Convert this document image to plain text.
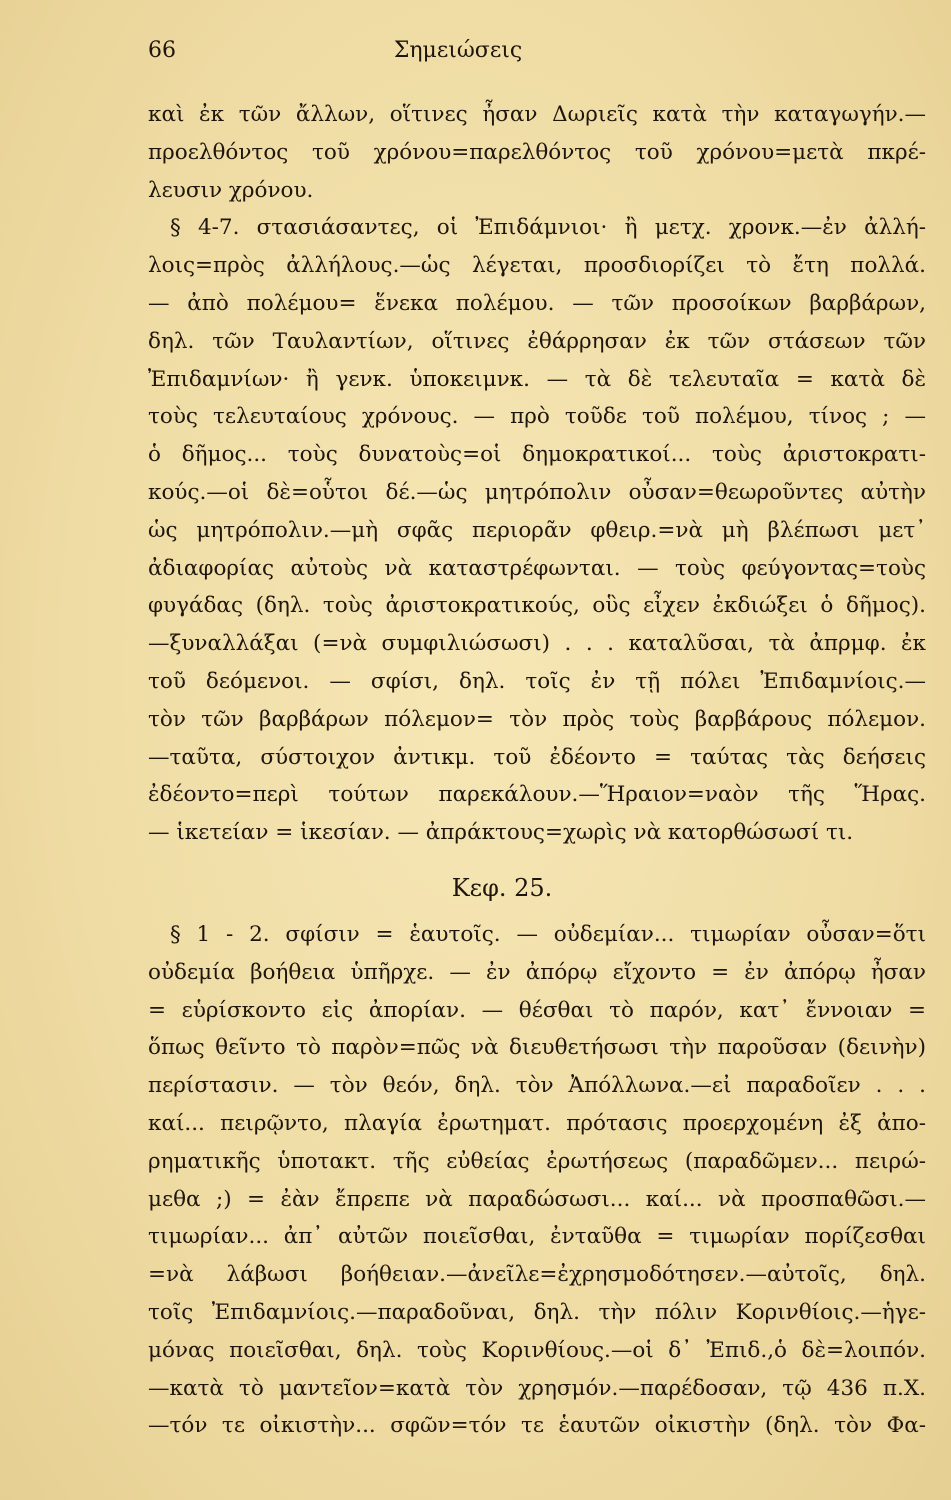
66	Σημειώσεις
καὶ ἐκ τῶν ἄλλων, οἵτινες ἦσαν Δωριεῖς κατὰ τὴν καταγωγήν.—
προελθόντος τοῦ χρόνου=παρελθόντος τοῦ χρόνου=μετὰ πκρέ-
λευσιν χρόνου.
§ 4-7. στασιάσαντες, οἱ Ἐπιδάμνιοι· ἢ μετχ. χρονκ.—ἐν ἀλλή-
λοις=πρὸς ἀλλήλους.—ὡς λέγεται, προσδιορίζει τὸ ἔτη πολλά.
— ἀπὸ πολέμου= ἕνεκα πολέμου. — τῶν προσοίκων βαρβάρων,
δηλ. τῶν Ταυλαντίων, οἵτινες ἐθάρρησαν ἐκ τῶν στάσεων τῶν
Ἐπιδαμνίων· ἢ γενκ. ὑποκειμνκ. — τὰ δὲ τελευταῖα = κατὰ δὲ
τοὺς τελευταίους χρόνους. — πρὸ τοῦδε τοῦ πολέμου, τίνος ; —
ὁ δῆμος... τοὺς δυνατοὺς=οἱ δημοκρατικοί... τοὺς ἀριστοκρατι-
κούς.—οἱ δὲ=οὗτοι δέ.—ὡς μητρόπολιν οὖσαν=θεωροῦντες αὐτὴν
ὡς μητρόπολιν.—μὴ σφᾶς περιορᾶν φθειρ.=νὰ μὴ βλέπωσι μετ᾽
ἀδιαφορίας αὐτοὺς νὰ καταστρέφωνται. — τοὺς φεύγοντας=τοὺς
φυγάδας (δηλ. τοὺς ἀριστοκρατικούς, οὓς εἶχεν ἐκδιώξει ὁ δῆμος).
—ξυναλλάξαι (=νὰ συμφιλιώσωσι) . . . καταλῦσαι, τὰ ἀπρμφ. ἐκ
τοῦ δεόμενοι. — σφίσι, δηλ. τοῖς ἐν τῇ πόλει Ἐπιδαμνίοις.—
τὸν τῶν βαρβάρων πόλεμον= τὸν πρὸς τοὺς βαρβάρους πόλεμον.
—ταῦτα, σύστοιχον ἀντικμ. τοῦ ἐδέοντο = ταύτας τὰς δεήσεις
ἐδέοντο=περὶ τούτων παρεκάλουν.—Ἥραιον=ναὸν τῆς Ἥρας.
— ἱκετείαν = ἱκεσίαν. — ἀπράκτους=χωρὶς νὰ κατορθώσωσί τι.
Κεφ. 25.
§ 1 - 2. σφίσιν = ἑαυτοῖς. — οὐδεμίαν... τιμωρίαν οὖσαν=ὅτι
οὐδεμία βοήθεια ὑπῆρχε. — ἐν ἀπόρῳ εἴχοντο = ἐν ἀπόρῳ ἦσαν
= εὑρίσκοντο εἰς ἀπορίαν. — θέσθαι τὸ παρόν, κατ᾽ ἔννοιαν =
ὅπως θεῖντο τὸ παρὸν=πῶς νὰ διευθετήσωσι τὴν παροῦσαν (δεινὴν)
περίστασιν. — τὸν θεόν, δηλ. τὸν Ἀπόλλωνα.—εἰ παραδοῖεν . . .
καί... πειρῷντο, πλαγία ἐρωτηματ. πρότασις προερχομένη ἐξ ἀπο-
ρηματικῆς ὑποτακτ. τῆς εὐθείας ἐρωτήσεως (παραδῶμεν... πειρώ-
μεθα ;) = ἐὰν ἔπρεπε νὰ παραδώσωσι... καί... νὰ προσπαθῶσι.—
τιμωρίαν... ἀπ᾽ αὐτῶν ποιεῖσθαι, ἐνταῦθα = τιμωρίαν πορίζεσθαι
=νὰ λάβωσι βοήθειαν.—ἀνεῖλε=ἐχρησμοδότησεν.—αὐτοῖς, δηλ.
τοῖς Ἐπιδαμνίοις.—παραδοῦναι, δηλ. τὴν πόλιν Κορινθίοις.—ἡγε-
μόνας ποιεῖσθαι, δηλ. τοὺς Κορινθίους.—οἱ δ᾽ Ἐπιδ.,ὁ δὲ=λοιπόν.
—κατὰ τὸ μαντεῖον=κατὰ τὸν χρησμόν.—παρέδοσαν, τῷ 436 π.Χ.
—τόν τε οἰκιστὴν... σφῶν=τόν τε ἑαυτῶν οἰκιστὴν (δηλ. τὸν Φα-
